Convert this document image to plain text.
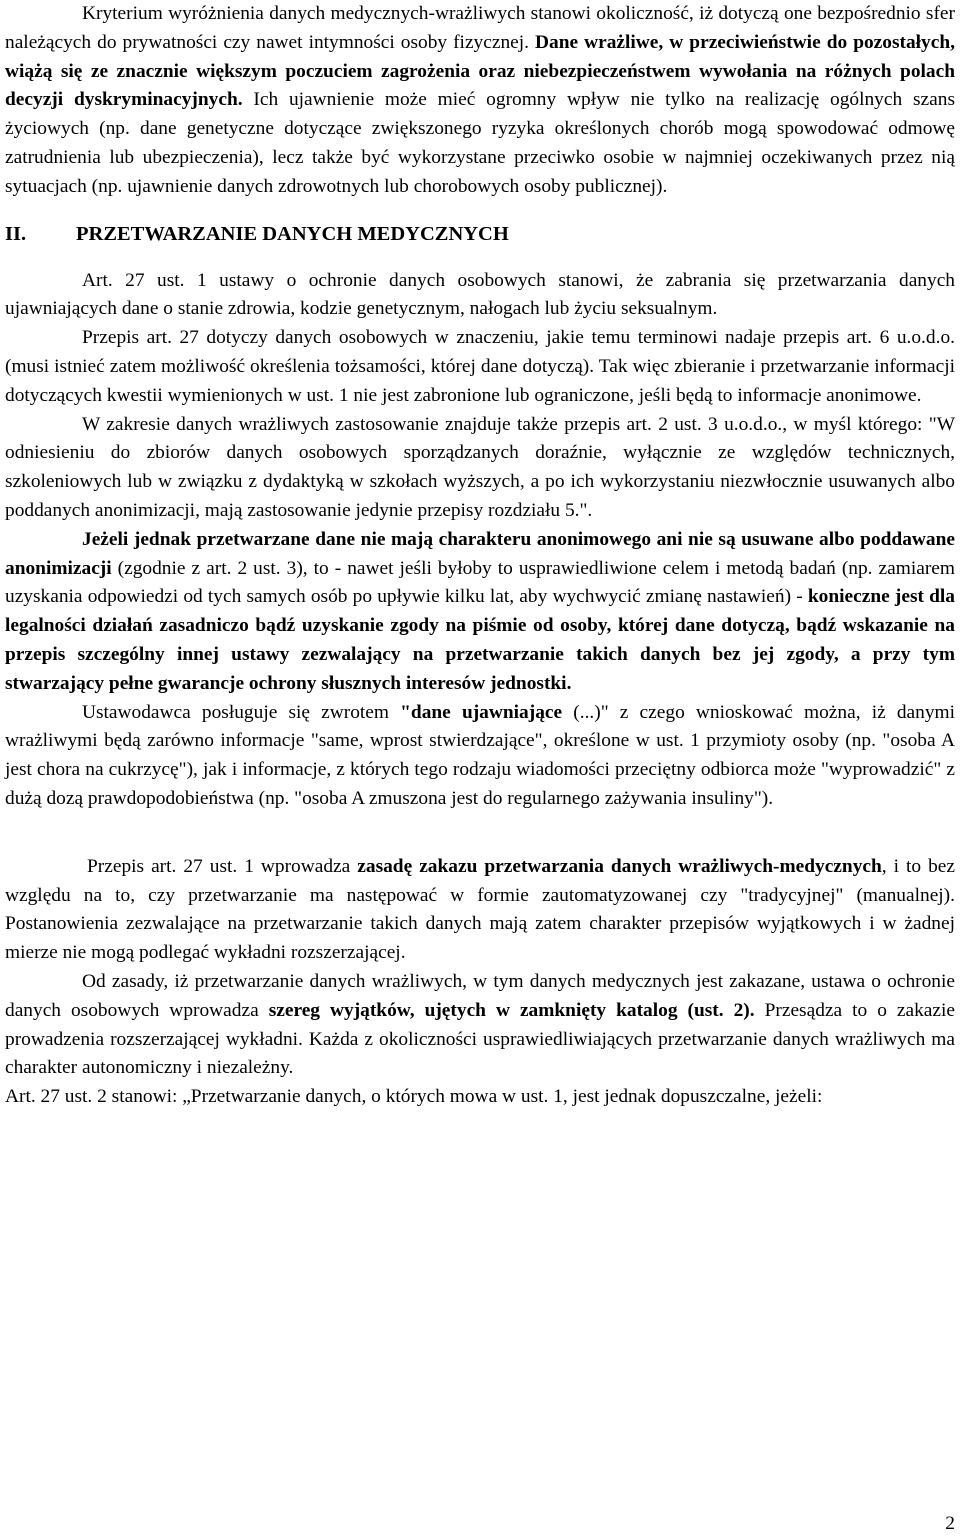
Kryterium wyróżnienia danych medycznych-wrażliwych stanowi okoliczność, iż dotyczą one bezpośrednio sfer należących do prywatności czy nawet intymności osoby fizycznej. Dane wrażliwe, w przeciwieństwie do pozostałych, wiążą się ze znacznie większym poczuciem zagrożenia oraz niebezpieczeństwem wywołania na różnych polach decyzji dyskryminacyjnych. Ich ujawnienie może mieć ogromny wpływ nie tylko na realizację ogólnych szans życiowych (np. dane genetyczne dotyczące zwiększonego ryzyka określonych chorób mogą spowodować odmowę zatrudnienia lub ubezpieczenia), lecz także być wykorzystane przeciwko osobie w najmniej oczekiwanych przez nią sytuacjach (np. ujawnienie danych zdrowotnych lub chorobowych osoby publicznej).

II. PRZETWARZANIE DANYCH MEDYCZNYCH

Art. 27 ust. 1 ustawy o ochronie danych osobowych stanowi, że zabrania się przetwarzania danych ujawniających dane o stanie zdrowia, kodzie genetycznym, nałogach lub życiu seksualnym.

Przepis art. 27 dotyczy danych osobowych w znaczeniu, jakie temu terminowi nadaje przepis art. 6 u.o.d.o. (musi istnieć zatem możliwość określenia tożsamości, której dane dotyczą). Tak więc zbieranie i przetwarzanie informacji dotyczących kwestii wymienionych w ust. 1 nie jest zabronione lub ograniczone, jeśli będą to informacje anonimowe.

W zakresie danych wrażliwych zastosowanie znajduje także przepis art. 2 ust. 3 u.o.d.o., w myśl którego: "W odniesieniu do zbiorów danych osobowych sporządzanych doraźnie, wyłącznie ze względów technicznych, szkoleniowych lub w związku z dydaktyką w szkołach wyższych, a po ich wykorzystaniu niezwłocznie usuwanych albo poddanych anonimizacji, mają zastosowanie jedynie przepisy rozdziału 5.".

Jeżeli jednak przetwarzane dane nie mają charakteru anonimowego ani nie są usuwane albo poddawane anonimizacji (zgodnie z art. 2 ust. 3), to - nawet jeśli byłoby to usprawiedliwione celem i metodą badań (np. zamiarem uzyskania odpowiedzi od tych samych osób po upływie kilku lat, aby wychwycić zmianę nastawień) - konieczne jest dla legalności działań zasadniczo bądź uzyskanie zgody na piśmie od osoby, której dane dotyczą, bądź wskazanie na przepis szczególny innej ustawy zezwalający na przetwarzanie takich danych bez jej zgody, a przy tym stwarzający pełne gwarancje ochrony słusznych interesów jednostki.

Ustawodawca posługuje się zwrotem "dane ujawniające (...)" z czego wnioskować można, iż danymi wrażliwymi będą zarówno informacje "same, wprost stwierdzające", określone w ust. 1 przymioty osoby (np. "osoba A jest chora na cukrzycę"), jak i informacje, z których tego rodzaju wiadomości przeciętny odbiorca może "wyprowadzić" z dużą dozą prawdopodobieństwa (np. "osoba A zmuszona jest do regularnego zażywania insuliny").

Przepis art. 27 ust. 1 wprowadza zasadę zakazu przetwarzania danych wrażliwych-medycznych, i to bez względu na to, czy przetwarzanie ma następować w formie zautomatyzowanej czy "tradycyjnej" (manualnej). Postanowienia zezwalające na przetwarzanie takich danych mają zatem charakter przepisów wyjątkowych i w żadnej mierze nie mogą podlegać wykładni rozszerzającej.

Od zasady, iż przetwarzanie danych wrażliwych, w tym danych medycznych jest zakazane, ustawa o ochronie danych osobowych wprowadza szereg wyjątków, ujętych w zamknięty katalog (ust. 2). Przesądza to o zakazie prowadzenia rozszerzającej wykładni. Każda z okoliczności usprawiedliwiających przetwarzanie danych wrażliwych ma charakter autonomiczny i niezależny.

Art. 27 ust. 2 stanowi: „Przetwarzanie danych, o których mowa w ust. 1, jest jednak dopuszczalne, jeżeli:

2
